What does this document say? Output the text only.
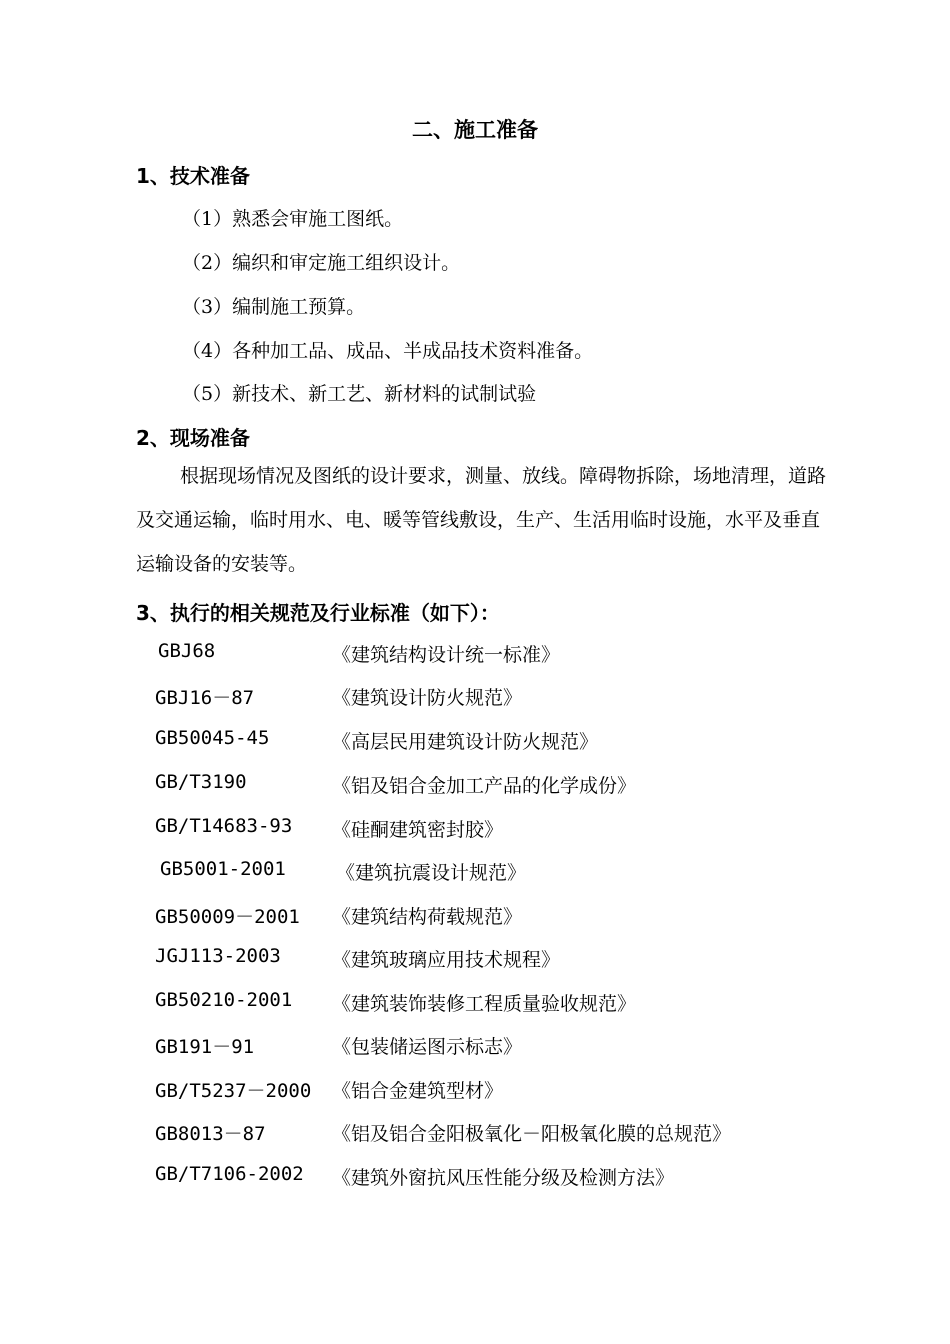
二、施工准备
1、技术准备
（1）熟悉会审施工图纸。
（2）编织和审定施工组织设计。
（3）编制施工预算。
（4）各种加工品、成品、半成品技术资料准备。
（5）新技术、新工艺、新材料的试制试验
2、现场准备
根据现场情况及图纸的设计要求，测量、放线。障碍物拆除，场地清理，道路及交通运输，临时用水、电、暖等管线敷设，生产、生活用临时设施，水平及垂直运输设备的安装等。
3、执行的相关规范及行业标准（如下）：
GBJ68	《建筑结构设计统一标准》
GBJ16－87	《建筑设计防火规范》
GB50045-45	《高层民用建筑设计防火规范》
GB/T3190	《铝及铝合金加工产品的化学成份》
GB/T14683-93 《硅酮建筑密封胶》
GB5001-2001	《建筑抗震设计规范》
GB50009－2001 《建筑结构荷载规范》
JGJ113-2003	《建筑玻璃应用技术规程》
GB50210-2001 《建筑装饰装修工程质量验收规范》
GB191－91	《包装储运图示标志》
GB/T5237－2000 《铝合金建筑型材》
GB8013－87	《铝及铝合金阳极氧化－阳极氧化膜的总规范》
GB/T7106-2002 《建筑外窗抗风压性能分级及检测方法》
